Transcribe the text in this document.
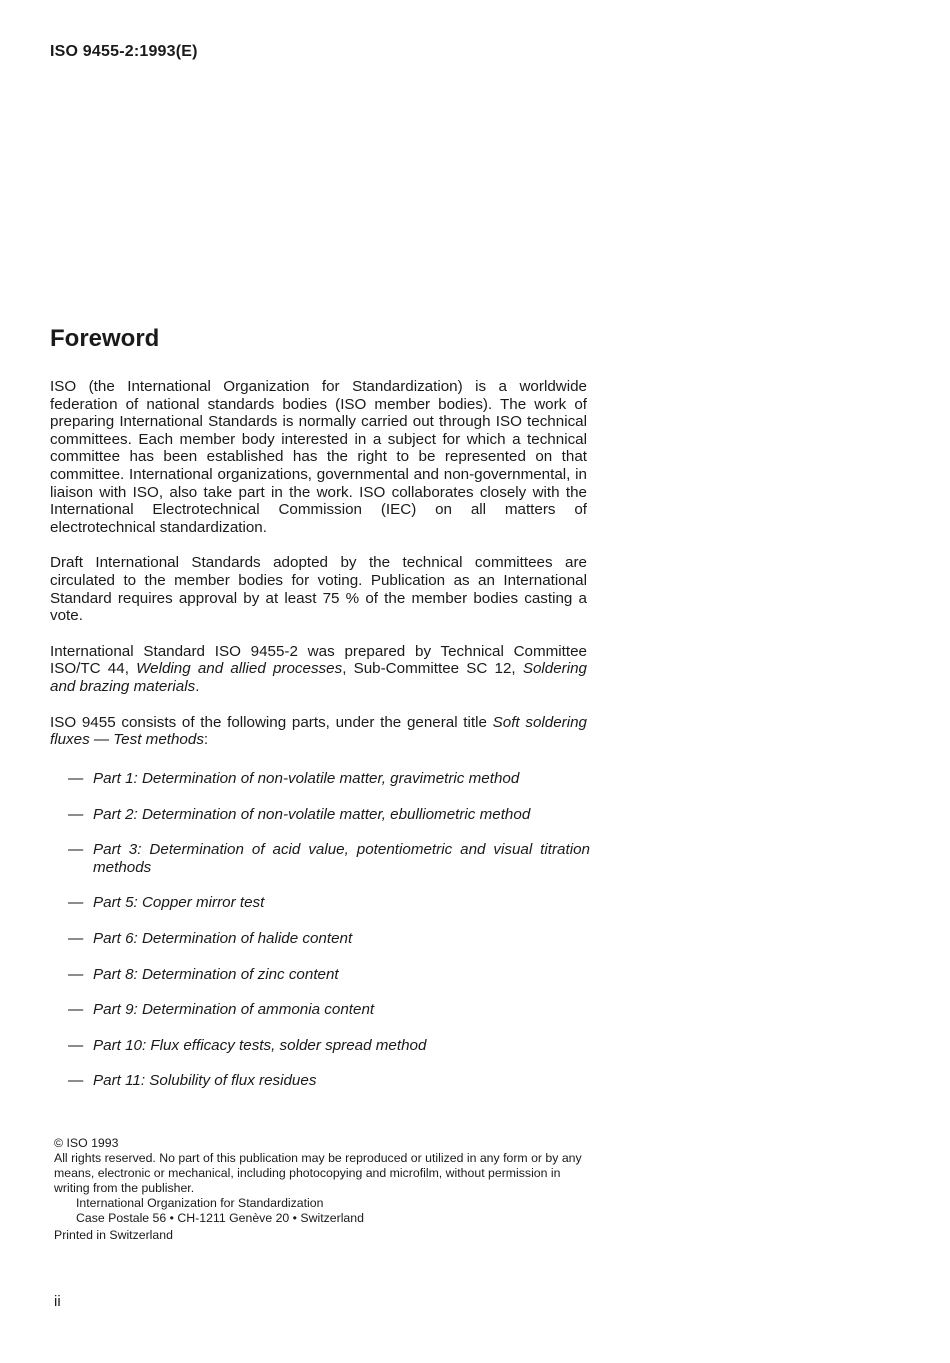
ISO 9455-2:1993(E)
Foreword

ISO (the International Organization for Standardization) is a worldwide federation of national standards bodies (ISO member bodies). The work of preparing International Standards is normally carried out through ISO technical committees. Each member body interested in a subject for which a technical committee has been established has the right to be represented on that committee. International organizations, governmental and non-governmental, in liaison with ISO, also take part in the work. ISO collaborates closely with the International Electrotechnical Commission (IEC) on all matters of electrotechnical standardization.

Draft International Standards adopted by the technical committees are circulated to the member bodies for voting. Publication as an International Standard requires approval by at least 75 % of the member bodies casting a vote.

International Standard ISO 9455-2 was prepared by Technical Committee ISO/TC 44, Welding and allied processes, Sub-Committee SC 12, Soldering and brazing materials.

ISO 9455 consists of the following parts, under the general title Soft soldering fluxes — Test methods:

— Part 1: Determination of non-volatile matter, gravimetric method
— Part 2: Determination of non-volatile matter, ebulliometric method
— Part 3: Determination of acid value, potentiometric and visual titration methods
— Part 5: Copper mirror test
— Part 6: Determination of halide content
— Part 8: Determination of zinc content
— Part 9: Determination of ammonia content
— Part 10: Flux efficacy tests, solder spread method
— Part 11: Solubility of flux residues

© ISO 1993

All rights reserved. No part of this publication may be reproduced or utilized in any form or by any means, electronic or mechanical, including photocopying and microfilm, without permission in writing from the publisher.

International Organization for Standardization

Case Postale 56 • CH-1211 Genève 20 • Switzerland

Printed in Switzerland

ii
